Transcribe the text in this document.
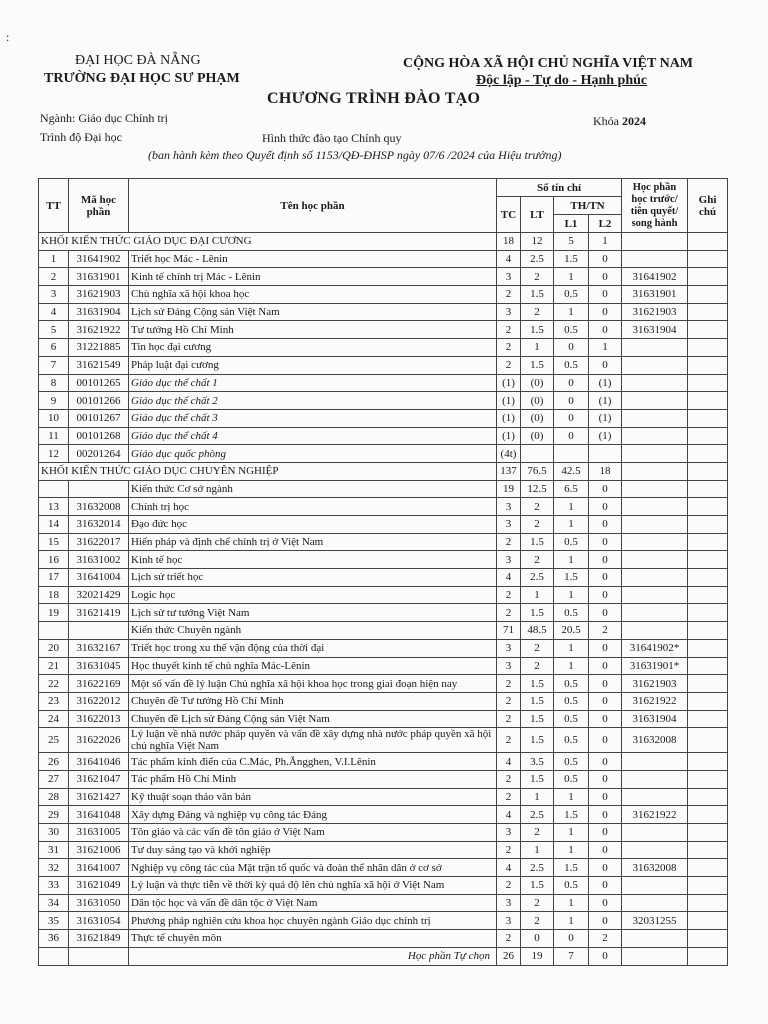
:
ĐẠI HỌC ĐÀ NẴNG
TRƯỜNG ĐẠI HỌC SƯ PHẠM
CỘNG HÒA XÃ HỘI CHỦ NGHĨA VIỆT NAM
Độc lập - Tự do - Hạnh phúc
CHƯƠNG TRÌNH ĐÀO TẠO
Ngành: Giáo dục Chính trị	Khóa 2024
Trình độ Đại học	Hình thức đào tạo Chính quy
(ban hành kèm theo Quyết định số 1153/QĐ-ĐHSP ngày 07/6 /2024 của Hiệu trưởng)
TT	Mã học phần	Tên học phần	Số tín chỉ				Học phần học trước/ tiên quyết/ song hành	Ghi chú
			TC	LT	TH/TN			
					L1	L2		
KHỐI KIẾN THỨC GIÁO DỤC ĐẠI CƯƠNG			18	12	5	1		
1	31641902	Triết học Mác - Lênin	4	2.5	1.5	0		
2	31631901	Kinh tế chính trị Mác - Lênin	3	2	1	0	31641902	
3	31621903	Chủ nghĩa xã hội khoa học	2	1.5	0.5	0	31631901	
4	31631904	Lịch sử Đảng Cộng sản Việt Nam	3	2	1	0	31621903	
5	31621922	Tư tưởng Hồ Chí Minh	2	1.5	0.5	0	31631904	
6	31221885	Tin học đại cương	2	1	0	1		
7	31621549	Pháp luật đại cương	2	1.5	0.5	0		
8	00101265	Giáo dục thể chất 1	(1)	(0)	0	(1)		
9	00101266	Giáo dục thể chất 2	(1)	(0)	0	(1)		
10	00101267	Giáo dục thể chất 3	(1)	(0)	0	(1)		
11	00101268	Giáo dục thể chất 4	(1)	(0)	0	(1)		
12	00201264	Giáo dục quốc phòng	(4t)					
KHỐI KIẾN THỨC GIÁO DỤC CHUYÊN NGHIỆP			137	76.5	42.5	18		
		Kiến thức Cơ sở ngành	19	12.5	6.5	0		
13	31632008	Chính trị học	3	2	1	0		
14	31632014	Đạo đức học	3	2	1	0		
15	31622017	Hiến pháp và định chế chính trị ở Việt Nam	2	1.5	0.5	0		
16	31631002	Kinh tế học	3	2	1	0		
17	31641004	Lịch sử triết học	4	2.5	1.5	0		
18	32021429	Logic học	2	1	1	0		
19	31621419	Lịch sử tư tưởng Việt Nam	2	1.5	0.5	0		
		Kiến thức Chuyên ngành	71	48.5	20.5	2		
20	31632167	Triết học trong xu thế vận động của thời đại	3	2	1	0	31641902*	
21	31631045	Học thuyết kinh tế chủ nghĩa Mác-Lênin	3	2	1	0	31631901*	
22	31622169	Một số vấn đề lý luận Chủ nghĩa xã hội khoa học trong giai đoạn hiện nay	2	1.5	0.5	0	31621903	
23	31622012	Chuyên đề Tư tưởng Hồ Chí Minh	2	1.5	0.5	0	31621922	
24	31622013	Chuyên đề Lịch sử Đảng Cộng sản Việt Nam	2	1.5	0.5	0	31631904	
25	31622026	Lý luận về nhà nước pháp quyền và vấn đề xây dựng nhà nước pháp quyền xã hội chủ nghĩa Việt Nam	2	1.5	0.5	0	31632008	
26	31641046	Tác phẩm kinh điển của C.Mác, Ph.Ăngghen, V.I.Lênin	4	3.5	0.5	0		
27	31621047	Tác phẩm Hồ Chí Minh	2	1.5	0.5	0		
28	31621427	Kỹ thuật soạn thảo văn bản	2	1	1	0		
29	31641048	Xây dựng Đảng và nghiệp vụ công tác Đảng	4	2.5	1.5	0	31621922	
30	31631005	Tôn giáo và các vấn đề tôn giáo ở Việt Nam	3	2	1	0		
31	31621006	Tư duy sáng tạo và khởi nghiệp	2	1	1	0		
32	31641007	Nghiệp vụ công tác của Mặt trận tổ quốc và đoàn thể nhân dân ở cơ sở	4	2.5	1.5	0	31632008	
33	31621049	Lý luận và thực tiễn về thời kỳ quá độ lên chủ nghĩa xã hội ở Việt Nam	2	1.5	0.5	0		
34	31631050	Dân tộc học và vấn đề dân tộc ở Việt Nam	3	2	1	0		
35	31631054	Phương pháp nghiên cứu khoa học chuyên ngành Giáo dục chính trị	3	2	1	0	32031255	
36	31621849	Thực tế chuyên môn	2	0	0	2		
		Học phần Tự chọn	26	19	7	0		
